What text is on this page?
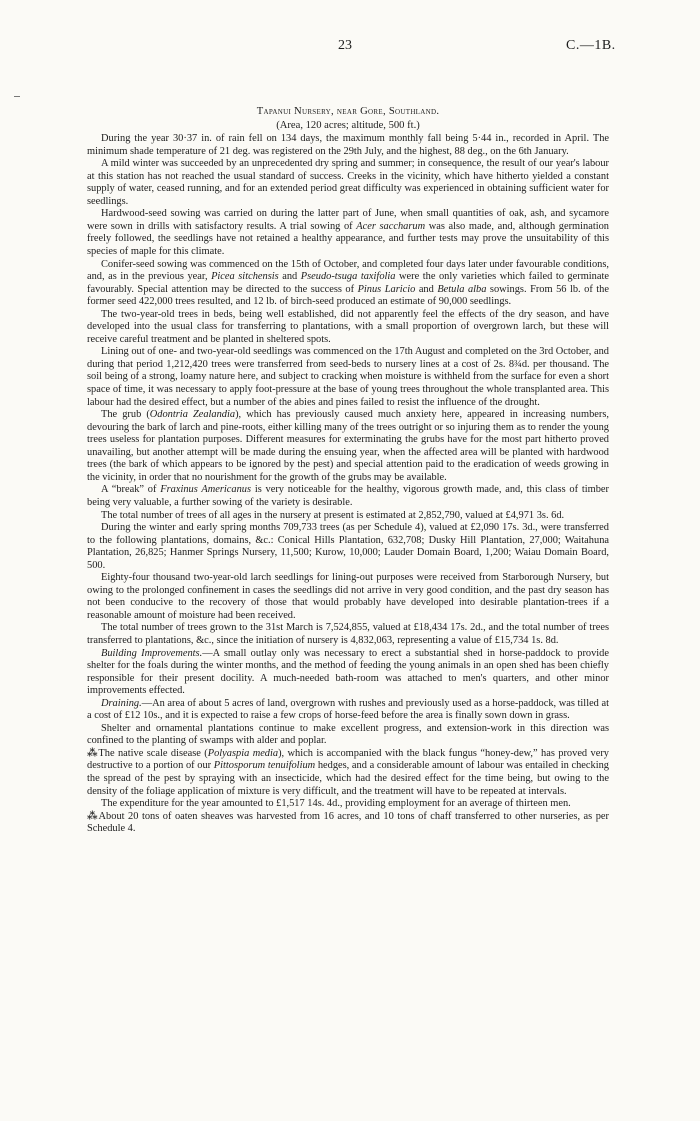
23	C.—1B.

Tapanui Nursery, near Gore, Southland.

(Area, 120 acres; altitude, 500 ft.)

During the year 30·37 in. of rain fell on 134 days, the maximum monthly fall being 5·44 in., recorded in April. The minimum shade temperature of 21 deg. was registered on the 29th July, and the highest, 88 deg., on the 6th January.

A mild winter was succeeded by an unprecedented dry spring and summer; in consequence, the result of our year's labour at this station has not reached the usual standard of success. Creeks in the vicinity, which have hitherto yielded a constant supply of water, ceased running, and for an extended period great difficulty was experienced in obtaining sufficient water for seedlings.

Hardwood-seed sowing was carried on during the latter part of June, when small quantities of oak, ash, and sycamore were sown in drills with satisfactory results. A trial sowing of Acer saccharum was also made, and, although germination freely followed, the seedlings have not retained a healthy appearance, and further tests may prove the unsuitability of this species of maple for this climate.

Conifer-seed sowing was commenced on the 15th of October, and completed four days later under favourable conditions, and, as in the previous year, Picea sitchensis and Pseudo-tsuga taxifolia were the only varieties which failed to germinate favourably. Special attention may be directed to the success of Pinus Laricio and Betula alba sowings. From 56 lb. of the former seed 422,000 trees resulted, and 12 lb. of birch-seed produced an estimate of 90,000 seedlings.

The two-year-old trees in beds, being well established, did not apparently feel the effects of the dry season, and have developed into the usual class for transferring to plantations, with a small proportion of overgrown larch, but these will receive careful treatment and be planted in sheltered spots.

Lining out of one- and two-year-old seedlings was commenced on the 17th August and completed on the 3rd October, and during that period 1,212,420 trees were transferred from seed-beds to nursery lines at a cost of 2s. 8¾d. per thousand. The soil being of a strong, loamy nature here, and subject to cracking when moisture is withheld from the surface for even a short space of time, it was necessary to apply foot-pressure at the base of young trees throughout the whole transplanted area. This labour had the desired effect, but a number of the abies and pines failed to resist the influence of the drought.

The grub (Odontria Zealandia), which has previously caused much anxiety here, appeared in increasing numbers, devouring the bark of larch and pine-roots, either killing many of the trees outright or so injuring them as to render the young trees useless for plantation purposes. Different measures for exterminating the grubs have for the most part hitherto proved unavailing, but another attempt will be made during the ensuing year, when the affected area will be planted with hardwood trees (the bark of which appears to be ignored by the pest) and special attention paid to the eradication of weeds growing in the vicinity, in order that no nourishment for the growth of the grubs may be available.

A “break” of Fraxinus Americanus is very noticeable for the healthy, vigorous growth made, and, this class of timber being very valuable, a further sowing of the variety is desirable.

The total number of trees of all ages in the nursery at present is estimated at 2,852,790, valued at £4,971 3s. 6d.

During the winter and early spring months 709,733 trees (as per Schedule 4), valued at £2,090 17s. 3d., were transferred to the following plantations, domains, &c.: Conical Hills Plantation, 632,708; Dusky Hill Plantation, 27,000; Waitahuna Plantation, 26,825; Hanmer Springs Nursery, 11,500; Kurow, 10,000; Lauder Domain Board, 1,200; Waiau Domain Board, 500.

Eighty-four thousand two-year-old larch seedlings for lining-out purposes were received from Starborough Nursery, but owing to the prolonged confinement in cases the seedlings did not arrive in very good condition, and the past dry season has not been conducive to the recovery of those that would probably have developed into desirable plantation-trees if a reasonable amount of moisture had been received.

The total number of trees grown to the 31st March is 7,524,855, valued at £18,434 17s. 2d., and the total number of trees transferred to plantations, &c., since the initiation of nursery is 4,832,063, representing a value of £15,734 1s. 8d.

Building Improvements.—A small outlay only was necessary to erect a substantial shed in horse-paddock to provide shelter for the foals during the winter months, and the method of feeding the young animals in an open shed has been chiefly responsible for their present docility. A much-needed bath-room was attached to men's quarters, and other minor improvements effected.

Draining.—An area of about 5 acres of land, overgrown with rushes and previously used as a horse-paddock, was tilled at a cost of £12 10s., and it is expected to raise a few crops of horse-feed before the area is finally sown down in grass.

Shelter and ornamental plantations continue to make excellent progress, and extension-work in this direction was confined to the planting of swamps with alder and poplar.

⁂The native scale disease (Polyaspia media), which is accompanied with the black fungus “honey-dew,” has proved very destructive to a portion of our Pittosporum tenuifolium hedges, and a considerable amount of labour was entailed in checking the spread of the pest by spraying with an insecticide, which had the desired effect for the time being, but owing to the density of the foliage application of mixture is very difficult, and the treatment will have to be repeated at intervals.

The expenditure for the year amounted to £1,517 14s. 4d., providing employment for an average of thirteen men.

⁂About 20 tons of oaten sheaves was harvested from 16 acres, and 10 tons of chaff transferred to other nurseries, as per Schedule 4.
